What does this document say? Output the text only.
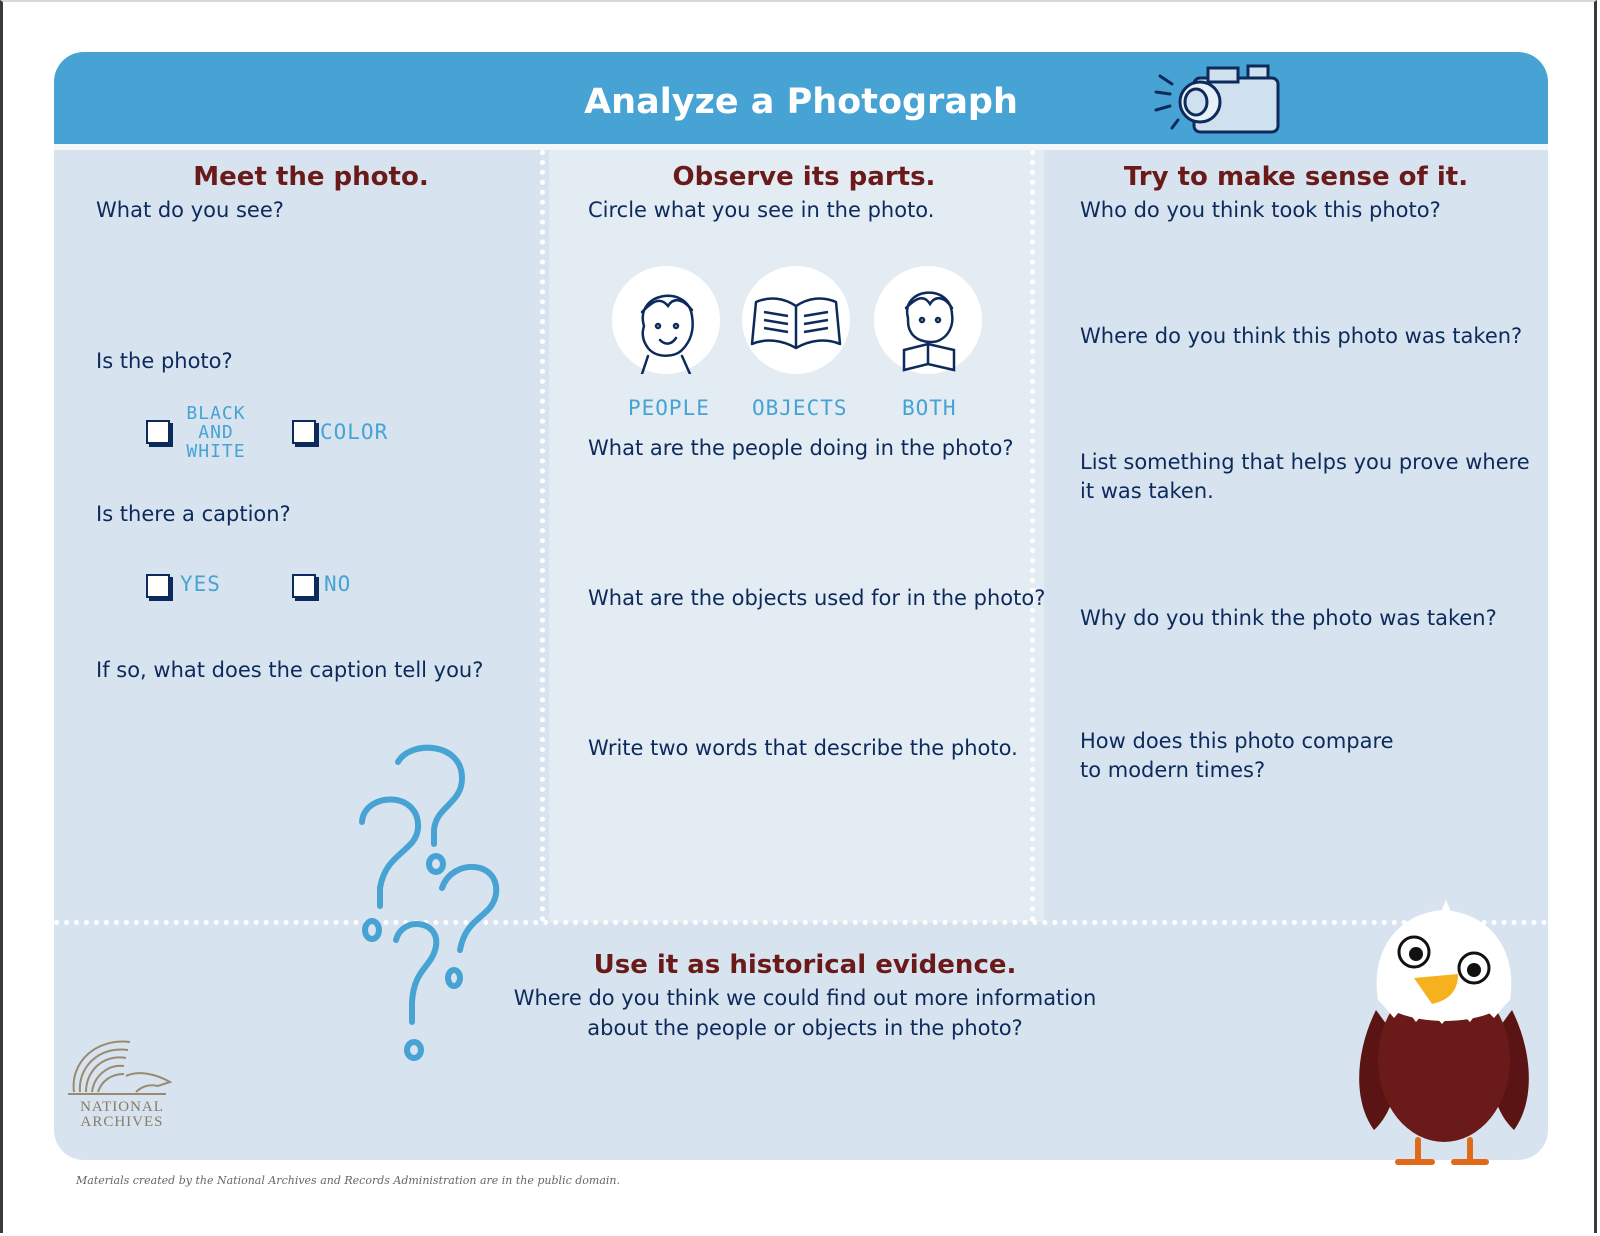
Analyze a Photograph
Meet the photo.
What do you see?
Is the photo?
BLACK
AND
WHITE
COLOR
Is there a caption?
YES	NO
If so, what does the caption tell you?
Observe its parts.
Circle what you see in the photo.
PEOPLE OBJECTS	BOTH
What are the people doing in the photo?
What are the objects used for in the photo?
Write two words that describe the photo.
Try to make sense of it.
Who do you think took this photo?
Where do you think this photo was taken?
List something that helps you prove where
it was taken.
Why do you think the photo was taken?
How does this photo compare
to modern times?
Use it as historical evidence.
Where do you think we could find out more information
about the people or objects in the photo?
NATIONAL
ARCHIVES
Materials created by the National Archives and Records Administration are in the public domain.
